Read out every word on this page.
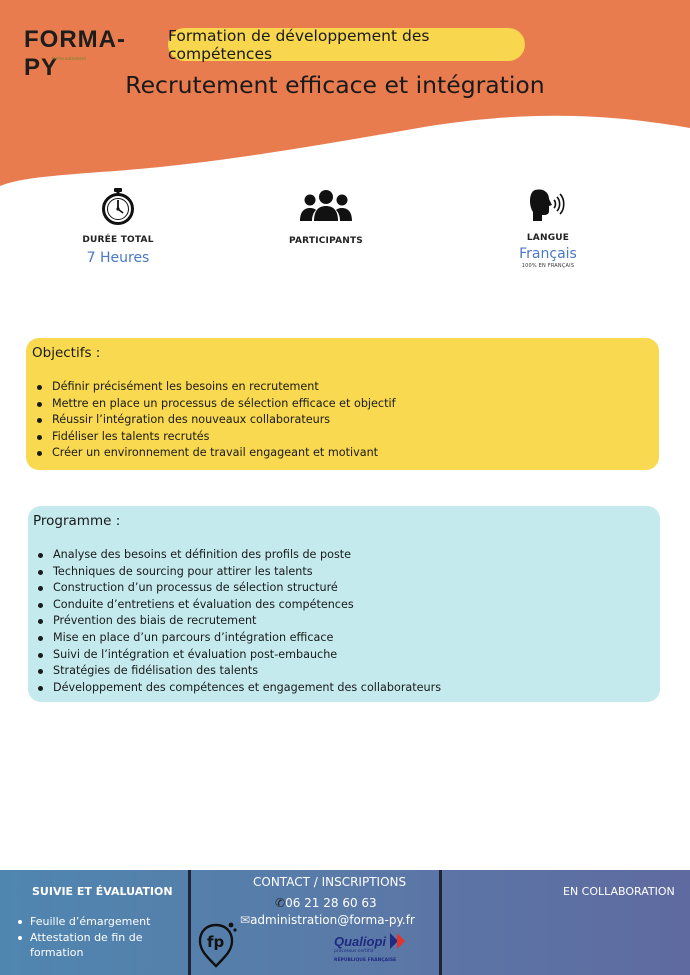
FORMA-PY
forme autrement
Formation de développement des compétences
Recrutement efficace et intégration
DURÉE TOTAL
7 Heures
PARTICIPANTS	LANGUE
Français
100% EN FRANÇAIS
Objectifs :
Définir précisément les besoins en recrutement
Mettre en place un processus de sélection efficace et objectif
Réussir l’intégration des nouveaux collaborateurs
Fidéliser les talents recrutés
Créer un environnement de travail engageant et motivant
Programme :
Analyse des besoins et définition des profils de poste
Techniques de sourcing pour attirer les talents
Construction d’un processus de sélection structuré
Conduite d’entretiens et évaluation des compétences
Prévention des biais de recrutement
Mise en place d’un parcours d’intégration efficace
Suivi de l’intégration et évaluation post-embauche
Stratégies de fidélisation des talents
Développement des compétences et engagement des collaborateurs
SUIVIE ET ÉVALUATION
Feuille d’émargement
Attestation de fin de formation
CONTACT / INSCRIPTIONS
✆06 21 28 60 63
✉administration@forma-py.fr
fp	Qualiopi
processus certifié
RÉPUBLIQUE FRANÇAISE
EN COLLABORATION
